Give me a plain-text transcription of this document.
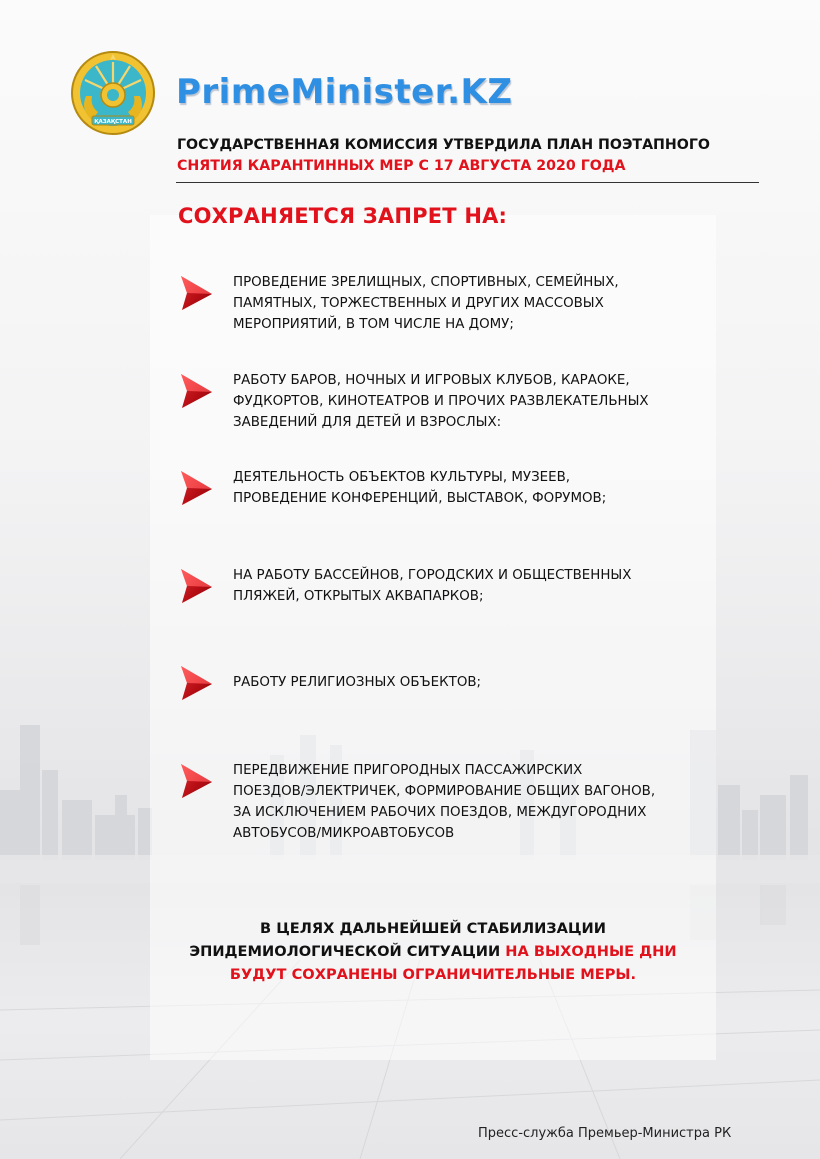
ҚАЗАҚСТАН
PrimeMinister.KZ
ГОСУДАРСТВЕННАЯ КОМИССИЯ УТВЕРДИЛА ПЛАН ПОЭТАПНОГО
СНЯТИЯ КАРАНТИННЫХ МЕР С 17 АВГУСТА 2020 ГОДА
СОХРАНЯЕТСЯ ЗАПРЕТ НА:
ПРОВЕДЕНИЕ ЗРЕЛИЩНЫХ, СПОРТИВНЫХ, СЕМЕЙНЫХ,
ПАМЯТНЫХ, ТОРЖЕСТВЕННЫХ И ДРУГИХ МАССОВЫХ
МЕРОПРИЯТИЙ, В ТОМ ЧИСЛЕ НА ДОМУ;
РАБОТУ БАРОВ, НОЧНЫХ И ИГРОВЫХ КЛУБОВ, КАРАОКЕ,
ФУДКОРТОВ, КИНОТЕАТРОВ И ПРОЧИХ РАЗВЛЕКАТЕЛЬНЫХ
ЗАВЕДЕНИЙ ДЛЯ ДЕТЕЙ И ВЗРОСЛЫХ:
ДЕЯТЕЛЬНОСТЬ ОБЪЕКТОВ КУЛЬТУРЫ, МУЗЕЕВ,
ПРОВЕДЕНИЕ КОНФЕРЕНЦИЙ, ВЫСТАВОК, ФОРУМОВ;
НА РАБОТУ БАССЕЙНОВ, ГОРОДСКИХ И ОБЩЕСТВЕННЫХ
ПЛЯЖЕЙ, ОТКРЫТЫХ АКВАПАРКОВ;
РАБОТУ РЕЛИГИОЗНЫХ ОБЪЕКТОВ;
ПЕРЕДВИЖЕНИЕ ПРИГОРОДНЫХ ПАССАЖИРСКИХ
ПОЕЗДОВ/ЭЛЕКТРИЧЕК, ФОРМИРОВАНИЕ ОБЩИХ ВАГОНОВ,
ЗА ИСКЛЮЧЕНИЕМ РАБОЧИХ ПОЕЗДОВ, МЕЖДУГОРОДНИХ
АВТОБУСОВ/МИКРОАВТОБУСОВ
В ЦЕЛЯХ ДАЛЬНЕЙШЕЙ СТАБИЛИЗАЦИИ
ЭПИДЕМИОЛОГИЧЕСКОЙ СИТУАЦИИ НА ВЫХОДНЫЕ ДНИ
БУДУТ СОХРАНЕНЫ ОГРАНИЧИТЕЛЬНЫЕ МЕРЫ.
Пресс-служба Премьер-Министра РК
